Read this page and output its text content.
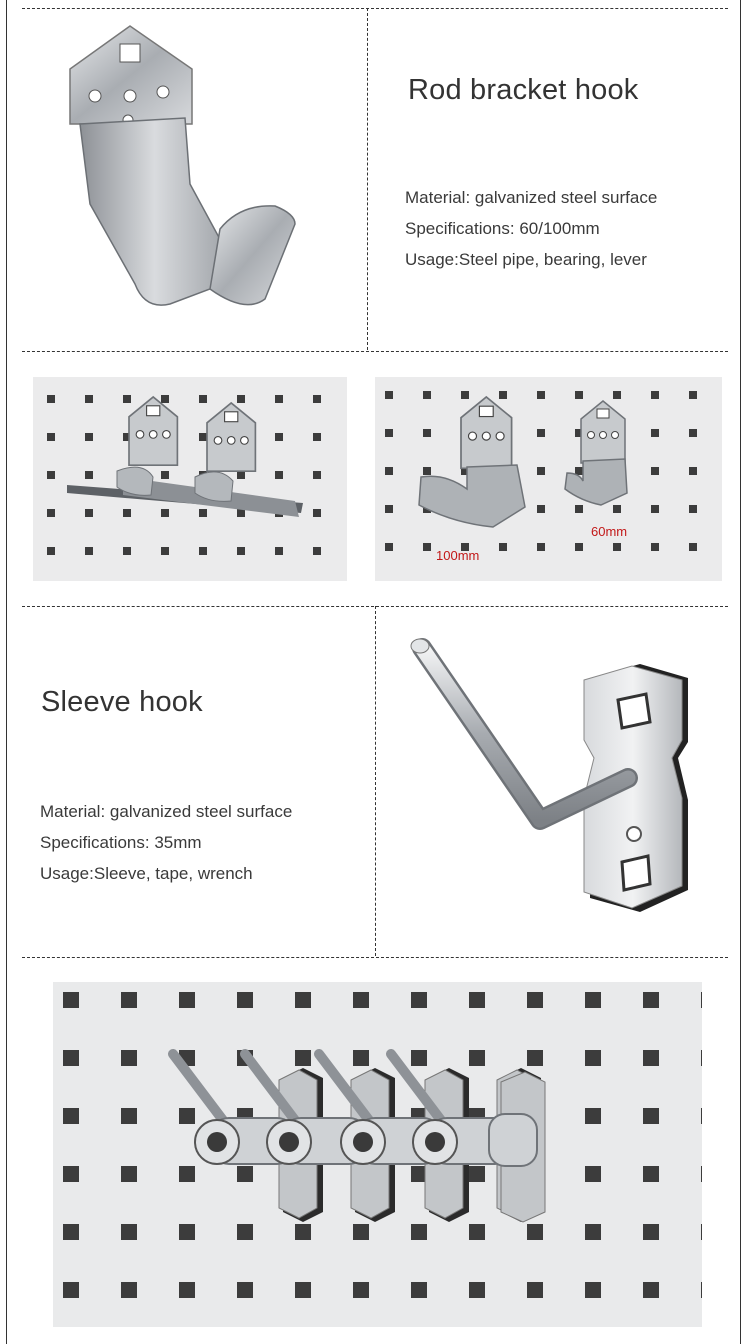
Rod bracket hook

Material: galvanized steel surface

Specifications: 60/100mm

Usage:Steel pipe, bearing, lever

100mm
60mm
Sleeve hook

Material: galvanized steel surface

Specifications: 35mm

Usage:Sleeve, tape, wrench
